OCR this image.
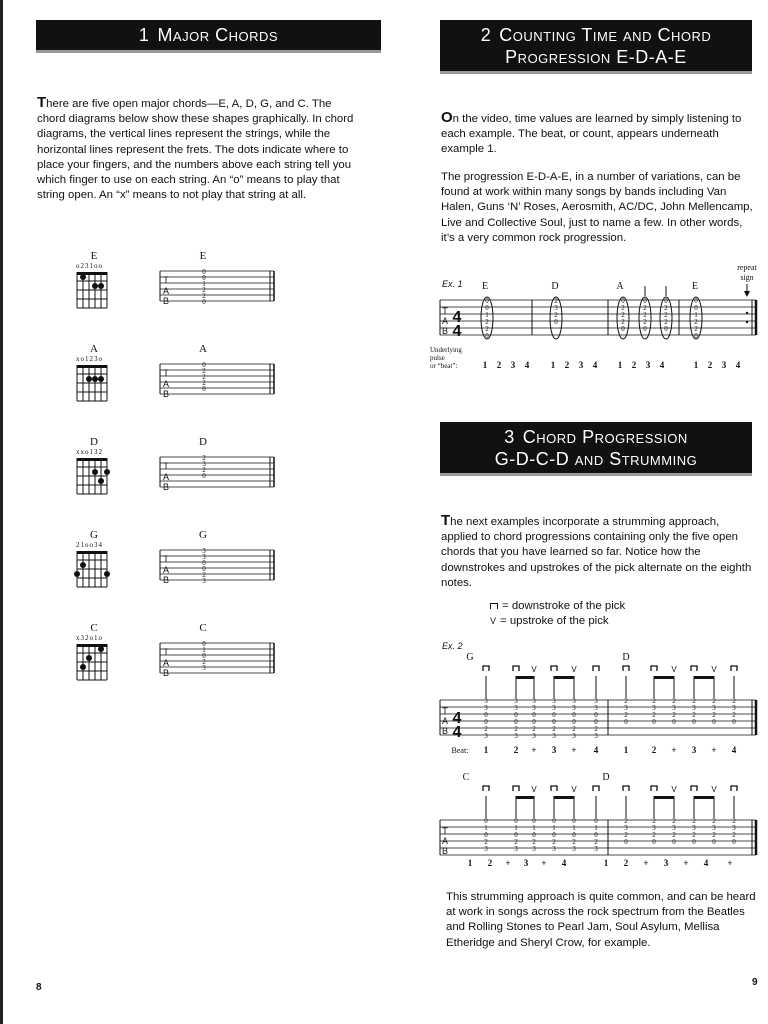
1 Major Chords
There are five open major chords—E, A, D, G, and C. The chord diagrams below show these shapes graphically. In chord diagrams, the vertical lines represent the strings, while the horizontal lines represent the frets. The dots indicate where to place your fingers, and the numbers above each string tell you which finger to use on each string. An “o” means to play that string open. An “x” means to not play that string at all.
E
o231oo
E
T
A
B
0
0
1
2
2
0
A
xo123o
A
T
A
B
0
2
2
2
0
D
xxo132
D
T
A
B
2
3
2
0
G
21oo34
G
T
A
B
3
3
0
0
2
3
C
x32o1o
C
T
A
B
0
1
0
2
3
8
2 Counting Time and Chord
Progression E-D-A-E
On the video, time values are learned by simply listening to each example. The beat, or count, appears underneath example 1.
The progression E-D-A-E, in a number of variations, can be found at work within many songs by bands including Van Halen, Guns ‘N’ Roses, Aerosmith, AC/DC, John Mellencamp, Live and Collective Soul, just to name a few. In other words, it’s a very common rock progression.
Ex. 1
repeat
sign
E	D	A	E
T
A
B
4
4
0
0
1
2
2
0
2
3
2
0
0
2
2
2
0
0
2
2
2
0
0
2
2
2
0
0
0
1
2
2
0
Underlying
pulse
or “beat”:	1 2 3 4 1 2 3 4 1 2 3 4	1 2 3 4
3 Chord Progression
G-D-C-D and Strumming
The next examples incorporate a strumming approach, applied to chord progressions containing only the five open chords that you have learned so far. Notice how the downstrokes and upstrokes of the pick alternate on the eighth notes.
= downstroke of the pick
V = upstroke of the pick
Ex. 2
4
4
G	D
V	V	V	V
T
A
B
3
3
0
0
2
3
3
3
0
0
2
3
3
3
0
0
2
3
3
3
0
0
2
3
3
3
0
0
2
3
3
3
0
0
2
3
2
3
2
0
2
3
2
0
2
3
2
0
2
3
2
0
2
3
2
0
2
3
2
0
Beat: 1	2 + 3 + 4	1	2 + 3 + 4
C	D
V	V	V	V
T
A
B
0
1
0
2
3
0
1
0
2
3
0
1
0
2
3
0
1
0
2
3
0
1
0
2
3
0
1
0
2
3
2
3
2
0
2
3
2
0
2
3
2
0
2
3
2
0
2
3
2
0
2
3
2
0
1 2 + 3 + 4	1 2 + 3 + 4 +
This strumming approach is quite common, and can be heard at work in songs across the rock spectrum from the Beatles and Rolling Stones to Pearl Jam, Soul Asylum, Mellisa Etheridge and Sheryl Crow, for example.
9
